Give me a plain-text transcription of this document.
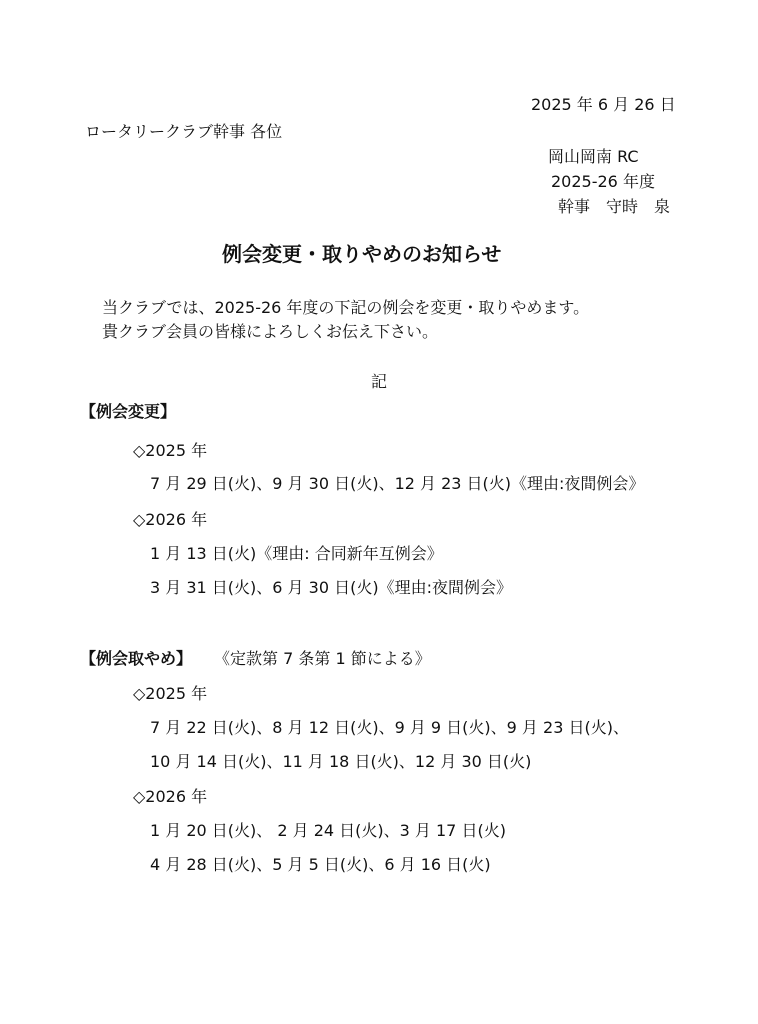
2025 年 6 月 26 日
ロータリークラブ幹事 各位
岡山岡南 RC
2025-26 年度
幹事　守時　泉
例会変更・取りやめのお知らせ
当クラブでは、2025-26 年度の下記の例会を変更・取りやめます。
貴クラブ会員の皆様によろしくお伝え下さい。
記
【例会変更】
◇2025 年
7 月 29 日(火)、9 月 30 日(火)、12 月 23 日(火)《理由:夜間例会》
◇2026 年
1 月 13 日(火)《理由: 合同新年互例会》
3 月 31 日(火)、6 月 30 日(火)《理由:夜間例会》
【例会取やめ】 《定款第 7 条第 1 節による》
◇2025 年
7 月 22 日(火)、8 月 12 日(火)、9 月 9 日(火)、9 月 23 日(火)、
10 月 14 日(火)、11 月 18 日(火)、12 月 30 日(火)
◇2026 年
1 月 20 日(火)、 2 月 24 日(火)、3 月 17 日(火)
4 月 28 日(火)、5 月 5 日(火)、6 月 16 日(火)
